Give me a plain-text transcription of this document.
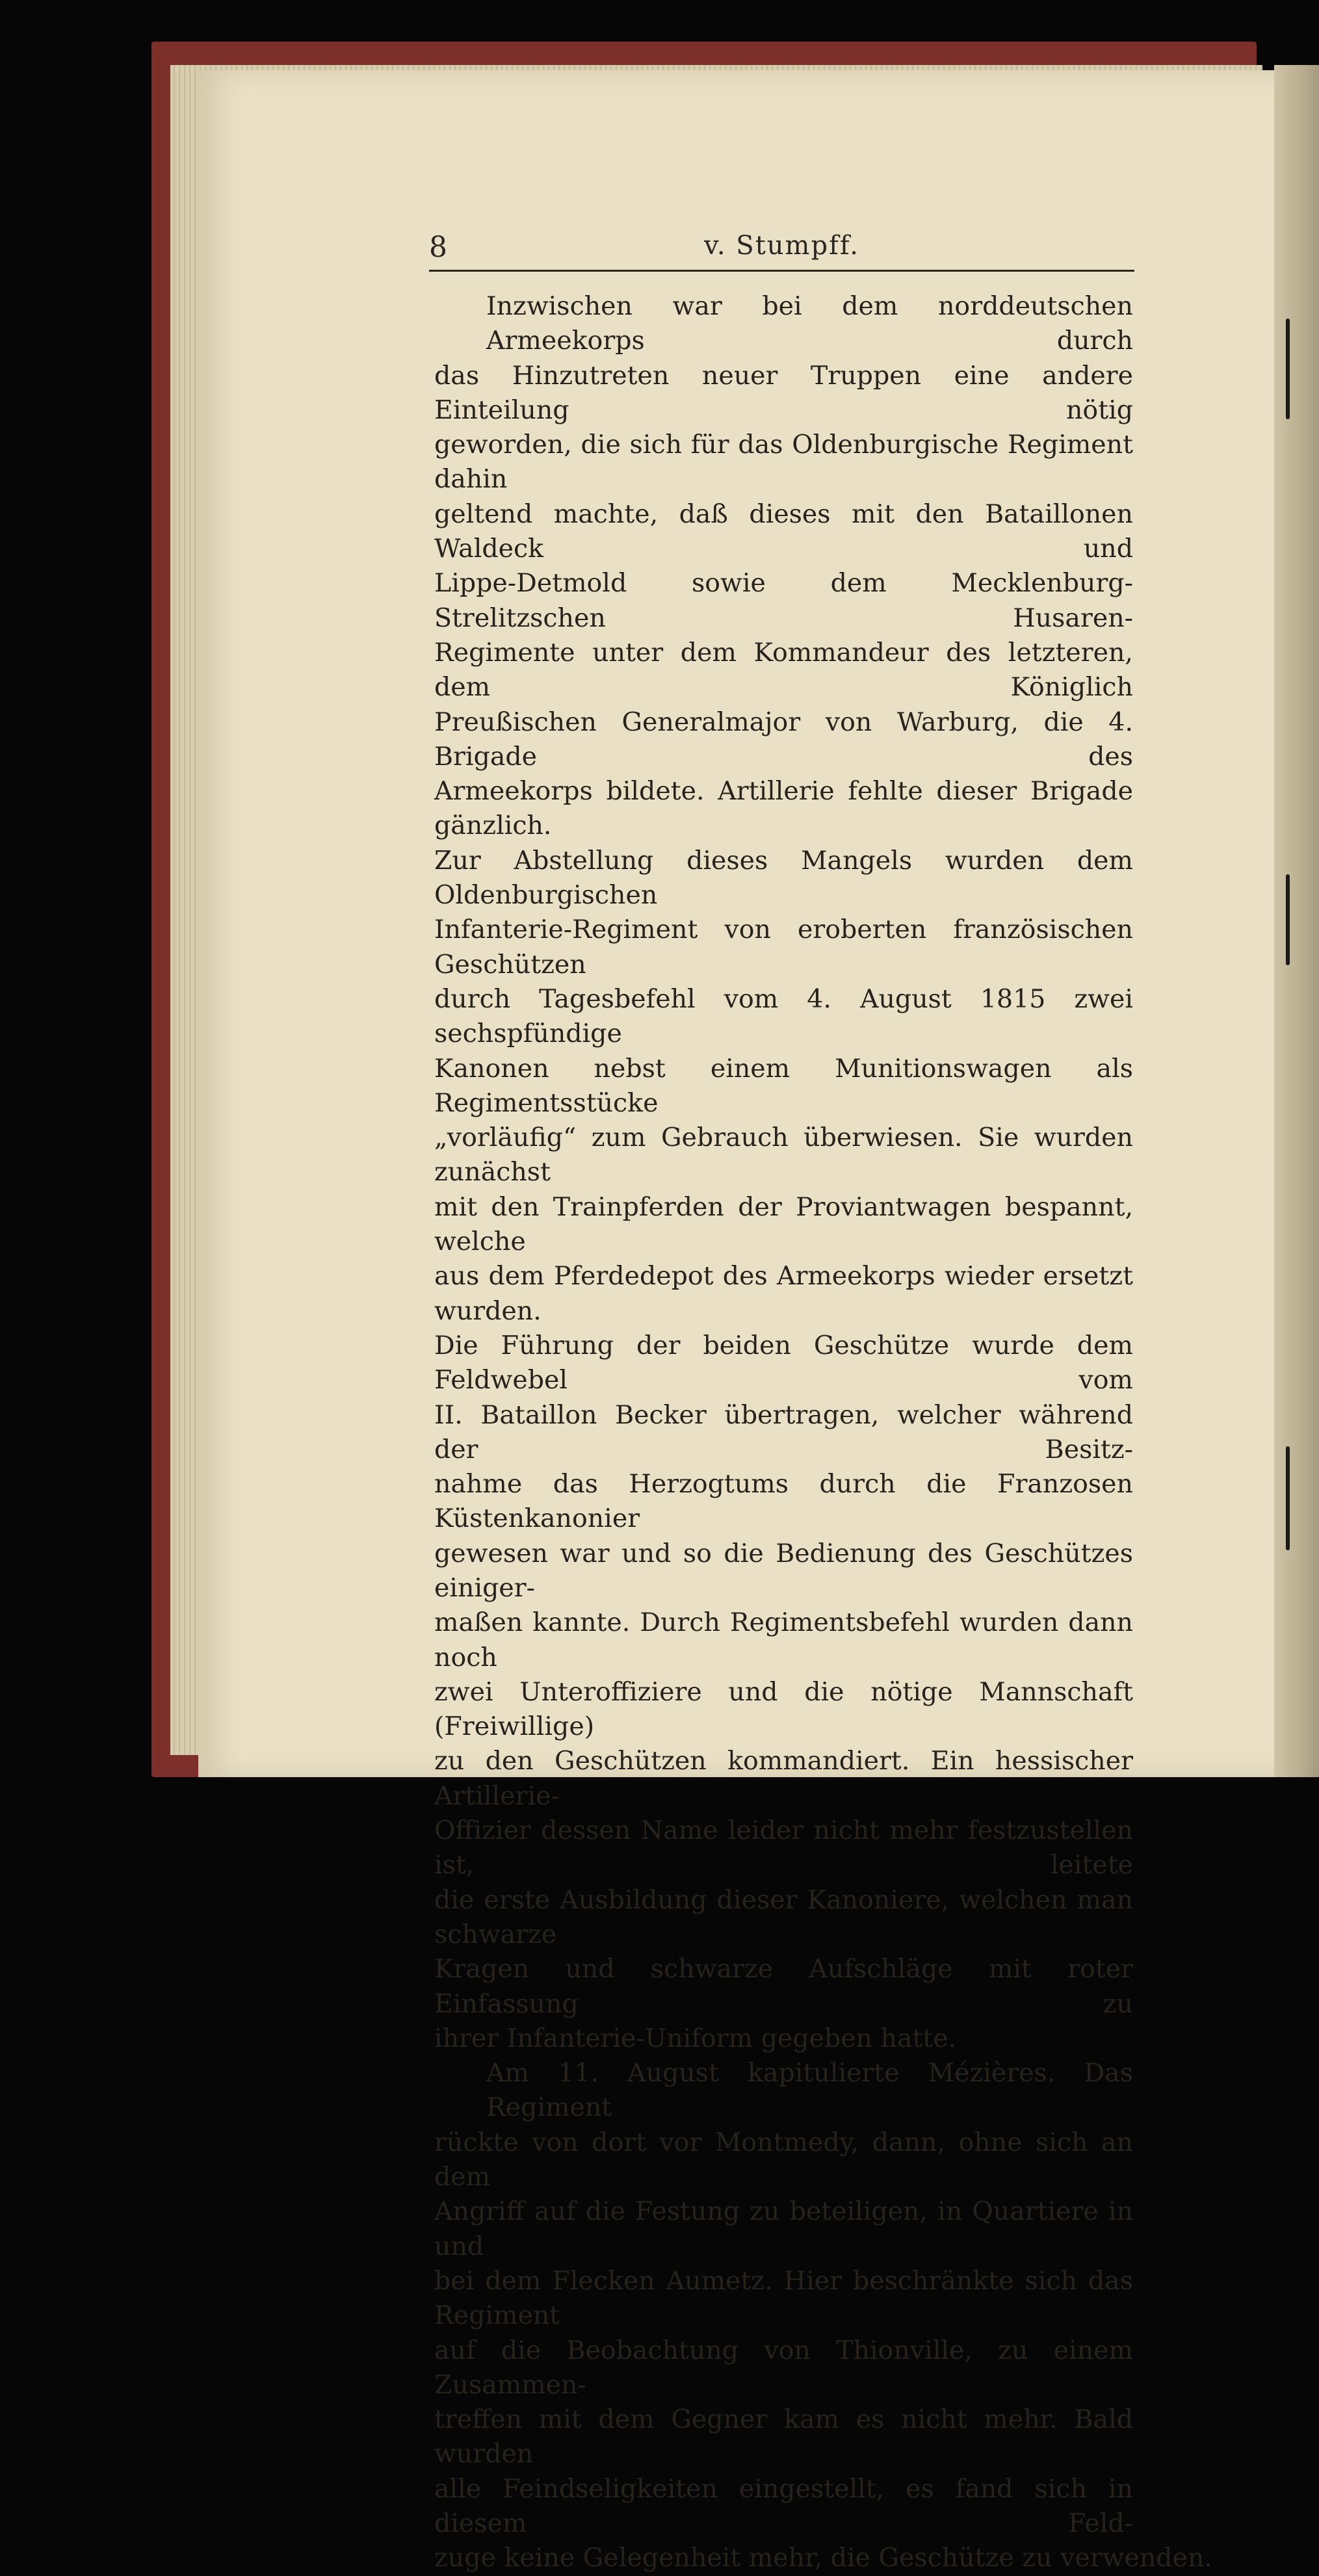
8	v. Stumpff.

Inzwischen war bei dem norddeutschen Armeekorps durch
das Hinzutreten neuer Truppen eine andere Einteilung nötig
geworden, die sich für das Oldenburgische Regiment dahin
geltend machte, daß dieses mit den Bataillonen Waldeck und
Lippe-Detmold sowie dem Mecklenburg-Strelitzschen Husaren-
Regimente unter dem Kommandeur des letzteren, dem Königlich
Preußischen Generalmajor von Warburg, die 4. Brigade des
Armeekorps bildete. Artillerie fehlte dieser Brigade gänzlich.
Zur Abstellung dieses Mangels wurden dem Oldenburgischen
Infanterie-Regiment von eroberten französischen Geschützen
durch Tagesbefehl vom 4. August 1815 zwei sechspfündige
Kanonen nebst einem Munitionswagen als Regimentsstücke
„vorläufig“ zum Gebrauch überwiesen. Sie wurden zunächst
mit den Trainpferden der Proviantwagen bespannt, welche
aus dem Pferdedepot des Armeekorps wieder ersetzt wurden.
Die Führung der beiden Geschütze wurde dem Feldwebel vom
II. Bataillon Becker übertragen, welcher während der Besitz-
nahme das Herzogtums durch die Franzosen Küstenkanonier
gewesen war und so die Bedienung des Geschützes einiger-
maßen kannte. Durch Regimentsbefehl wurden dann noch
zwei Unteroffiziere und die nötige Mannschaft (Freiwillige)
zu den Geschützen kommandiert. Ein hessischer Artillerie-
Offizier dessen Name leider nicht mehr festzustellen ist, leitete
die erste Ausbildung dieser Kanoniere, welchen man schwarze
Kragen und schwarze Aufschläge mit roter Einfassung zu
ihrer Infanterie-Uniform gegeben hatte.

Am 11. August kapitulierte Mézières. Das Regiment
rückte von dort vor Montmedy, dann, ohne sich an dem
Angriff auf die Festung zu beteiligen, in Quartiere in und
bei dem Flecken Aumetz. Hier beschränkte sich das Regiment
auf die Beobachtung von Thionville, zu einem Zusammen-
treffen mit dem Gegner kam es nicht mehr. Bald wurden
alle Feindseligkeiten eingestellt, es fand sich in diesem Feld-
zuge keine Gelegenheit mehr, die Geschütze zu verwenden.
